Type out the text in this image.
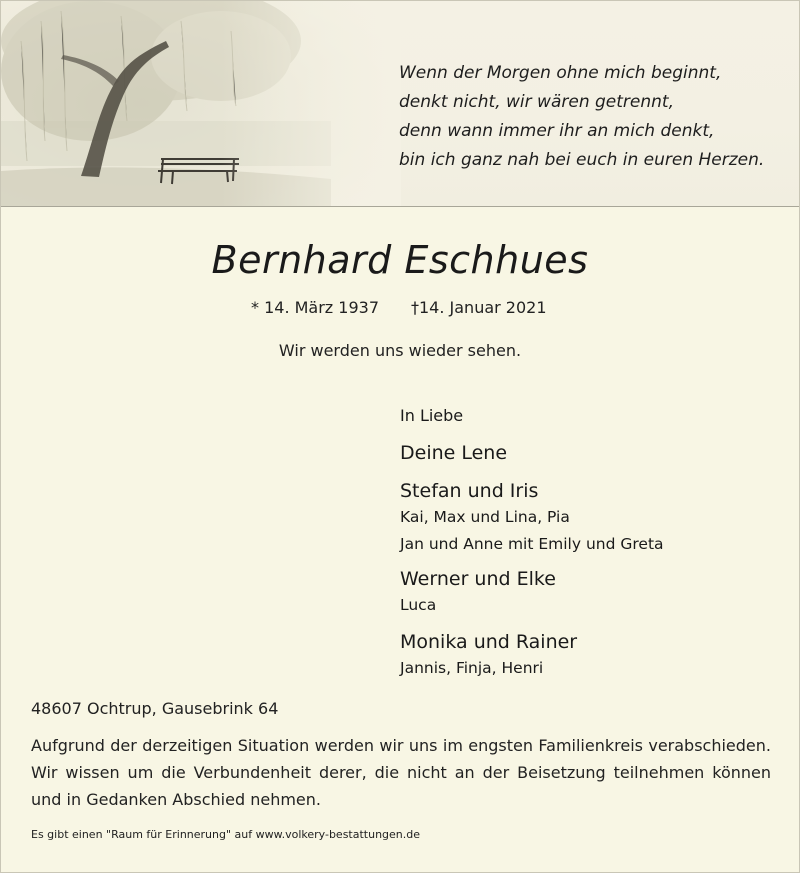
Wenn der Morgen ohne mich beginnt,
denkt nicht, wir wären getrennt,
denn wann immer ihr an mich denkt,
bin ich ganz nah bei euch in euren Herzen.
Bernhard Eschhues
* 14. März 1937 †14. Januar 2021
Wir werden uns wieder sehen.
In Liebe
Deine Lene
Stefan und Iris
Kai, Max und Lina, Pia
Jan und Anne mit Emily und Greta
Werner und Elke
Luca
Monika und Rainer
Jannis, Finja, Henri
48607 Ochtrup, Gausebrink 64
Aufgrund der derzeitigen Situation werden wir uns im engsten Familienkreis verabschieden. Wir wissen um die Verbundenheit derer, die nicht an der Beisetzung teilnehmen können und in Gedanken Abschied nehmen.
Es gibt einen "Raum für Erinnerung" auf www.volkery-bestattungen.de
